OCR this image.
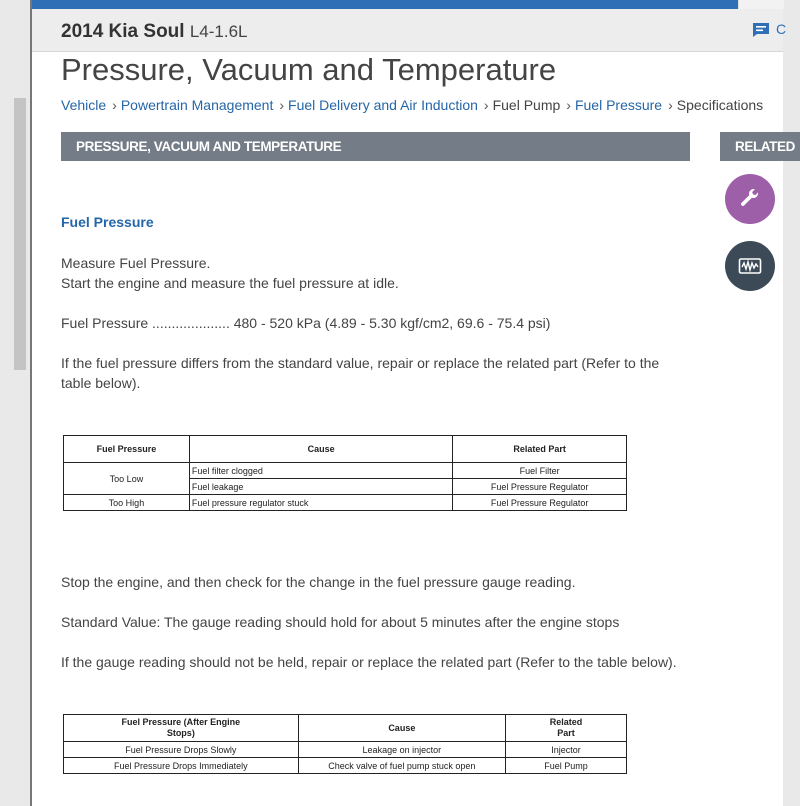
2014 Kia Soul L4-1.6L	C
Pressure, Vacuum and Temperature
Vehicle › Powertrain Management › Fuel Delivery and Air Induction › Fuel Pump › Fuel Pressure › Specifications
PRESSURE, VACUUM AND TEMPERATURE	RELATED
Fuel Pressure
Measure Fuel Pressure.
Start the engine and measure the fuel pressure at idle.
Fuel Pressure .................... 480 - 520 kPa (4.89 - 5.30 kgf/cm2, 69.6 - 75.4 psi)
If the fuel pressure differs from the standard value, repair or replace the related part (Refer to the table below).
Fuel Pressure	Cause	Related Part
Too Low	Fuel filter clogged	Fuel Filter
	Fuel leakage	Fuel Pressure Regulator
Too High	Fuel pressure regulator stuck	Fuel Pressure Regulator
Stop the engine, and then check for the change in the fuel pressure gauge reading.
Standard Value: The gauge reading should hold for about 5 minutes after the engine stops
If the gauge reading should not be held, repair or replace the related part (Refer to the table below).
Fuel Pressure (After Engine Stops)	Cause	Related Part
Fuel Pressure Drops Slowly	Leakage on injector	Injector
Fuel Pressure Drops Immediately	Check valve of fuel pump stuck open	Fuel Pump
